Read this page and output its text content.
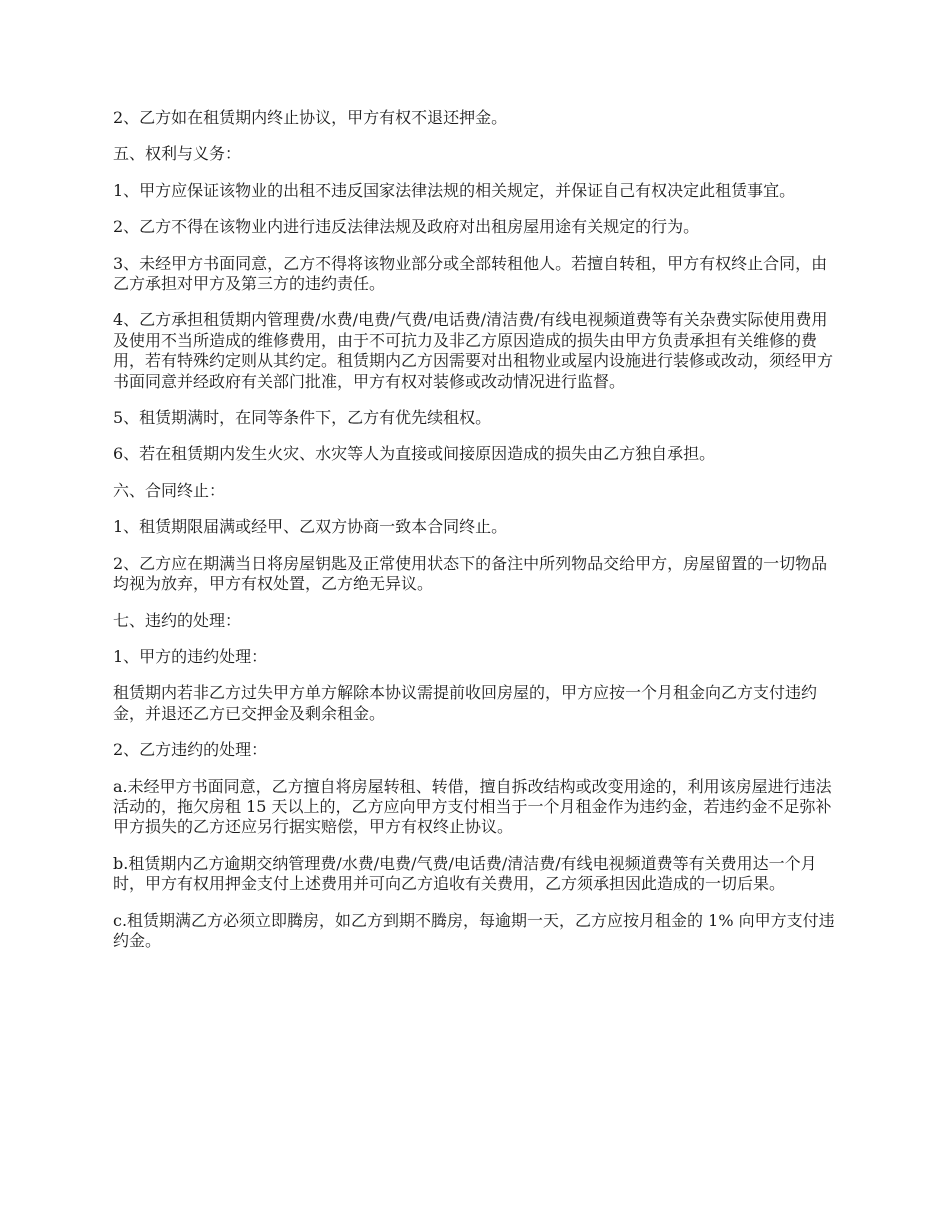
2、乙方如在租赁期内终止协议，甲方有权不退还押金。

五、权利与义务：

1、甲方应保证该物业的出租不违反国家法律法规的相关规定，并保证自己有权决定此租赁事宜。

2、乙方不得在该物业内进行违反法律法规及政府对出租房屋用途有关规定的行为。

3、未经甲方书面同意，乙方不得将该物业部分或全部转租他人。若擅自转租，甲方有权终止合同，由乙方承担对甲方及第三方的违约责任。

4、乙方承担租赁期内管理费/水费/电费/气费/电话费/清洁费/有线电视频道费等有关杂费实际使用费用及使用不当所造成的维修费用，由于不可抗力及非乙方原因造成的损失由甲方负责承担有关维修的费用，若有特殊约定则从其约定。租赁期内乙方因需要对出租物业或屋内设施进行装修或改动，须经甲方书面同意并经政府有关部门批准，甲方有权对装修或改动情况进行监督。

5、租赁期满时，在同等条件下，乙方有优先续租权。

6、若在租赁期内发生火灾、水灾等人为直接或间接原因造成的损失由乙方独自承担。

六、合同终止：

1、租赁期限届满或经甲、乙双方协商一致本合同终止。

2、乙方应在期满当日将房屋钥匙及正常使用状态下的备注中所列物品交给甲方，房屋留置的一切物品均视为放弃，甲方有权处置，乙方绝无异议。

七、违约的处理：

1、甲方的违约处理：

租赁期内若非乙方过失甲方单方解除本协议需提前收回房屋的，甲方应按一个月租金向乙方支付违约金，并退还乙方已交押金及剩余租金。

2、乙方违约的处理：

a.未经甲方书面同意，乙方擅自将房屋转租、转借，擅自拆改结构或改变用途的，利用该房屋进行违法活动的，拖欠房租 15 天以上的，乙方应向甲方支付相当于一个月租金作为违约金，若违约金不足弥补甲方损失的乙方还应另行据实赔偿，甲方有权终止协议。

b.租赁期内乙方逾期交纳管理费/水费/电费/气费/电话费/清洁费/有线电视频道费等有关费用达一个月时，甲方有权用押金支付上述费用并可向乙方追收有关费用，乙方须承担因此造成的一切后果。

c.租赁期满乙方必须立即腾房，如乙方到期不腾房，每逾期一天，乙方应按月租金的 1% 向甲方支付违约金。
